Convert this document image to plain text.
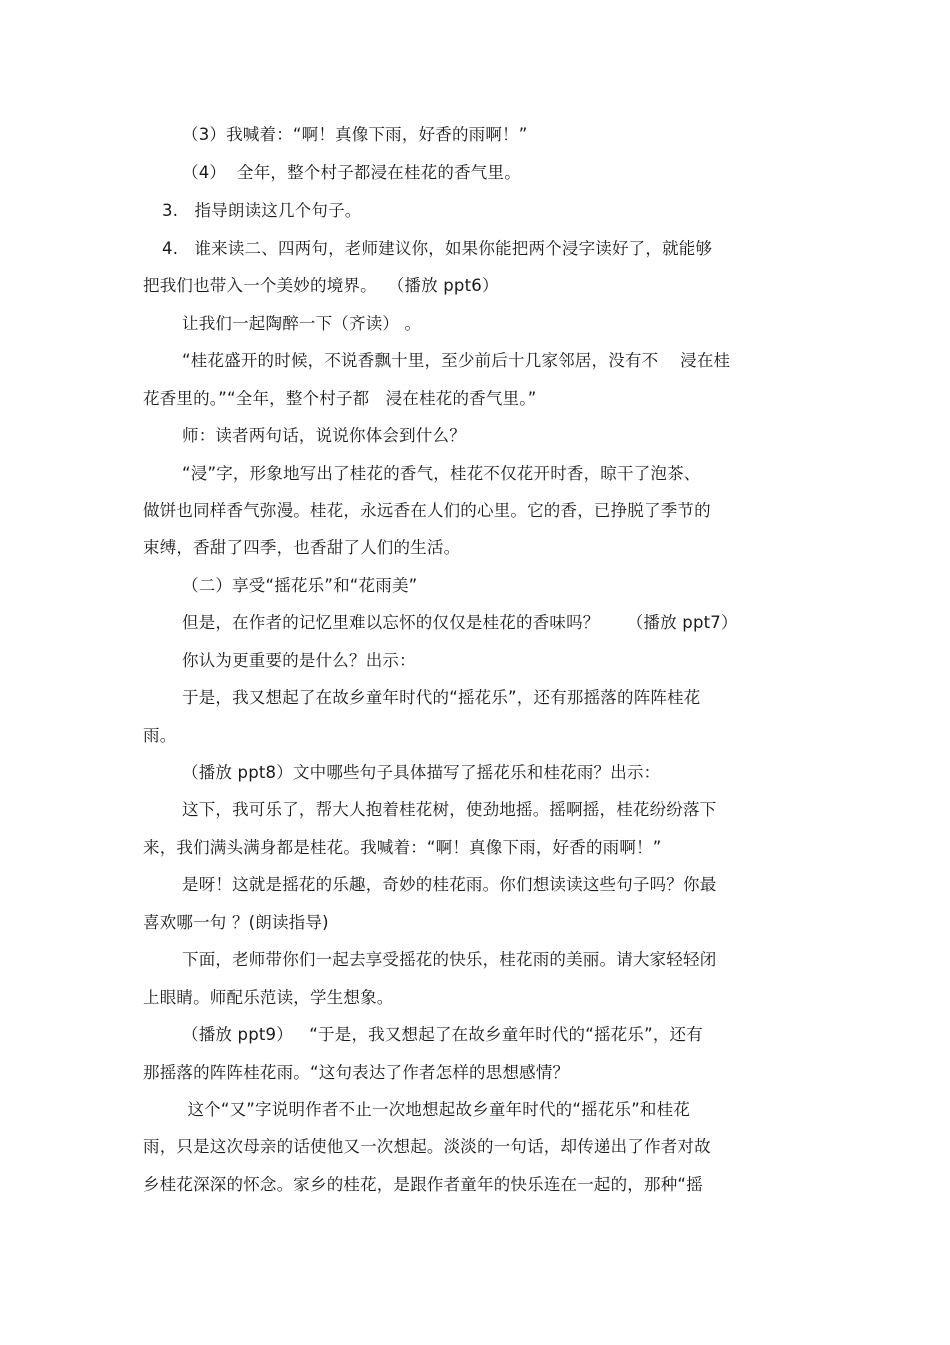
（3）我喊着：“啊！真像下雨，好香的雨啊！”
（4）  全年，整个村子都浸在桂花的香气里。
3.   指导朗读这几个句子。
4.   谁来读二、四两句，老师建议你，如果你能把两个浸字读好了，就能够
把我们也带入一个美妙的境界。  （播放 ppt6）
让我们一起陶醉一下（齐读） 。
“桂花盛开的时候，不说香飘十里，至少前后十几家邻居，没有不    浸在桂
花香里的。”“全年，整个村子都   浸在桂花的香气里。”
师：读者两句话，说说你体会到什么？
“浸”字，形象地写出了桂花的香气，桂花不仅花开时香，晾干了泡茶、
做饼也同样香气弥漫。桂花，永远香在人们的心里。它的香，已挣脱了季节的
束缚，香甜了四季，也香甜了人们的生活。
（二）享受“摇花乐”和“花雨美”
但是，在作者的记忆里难以忘怀的仅仅是桂花的香味吗？     （播放 ppt7）
你认为更重要的是什么？出示：
于是，我又想起了在故乡童年时代的“摇花乐”，还有那摇落的阵阵桂花
雨。
（播放 ppt8）文中哪些句子具体描写了摇花乐和桂花雨？出示：
这下，我可乐了，帮大人抱着桂花树，使劲地摇。摇啊摇，桂花纷纷落下
来，我们满头满身都是桂花。我喊着：“啊！真像下雨，好香的雨啊！”
是呀！这就是摇花的乐趣，奇妙的桂花雨。你们想读读这些句子吗？你最
喜欢哪一句 ？(朗读指导)
下面，老师带你们一起去享受摇花的快乐，桂花雨的美丽。请大家轻轻闭
上眼睛。师配乐范读，学生想象。
（播放 ppt9）   “于是，我又想起了在故乡童年时代的“摇花乐”，还有
那摇落的阵阵桂花雨。“这句表达了作者怎样的思想感情？
这个“又”字说明作者不止一次地想起故乡童年时代的“摇花乐”和桂花
雨，只是这次母亲的话使他又一次想起。淡淡的一句话，却传递出了作者对故
乡桂花深深的怀念。家乡的桂花，是跟作者童年的快乐连在一起的，那种“摇
